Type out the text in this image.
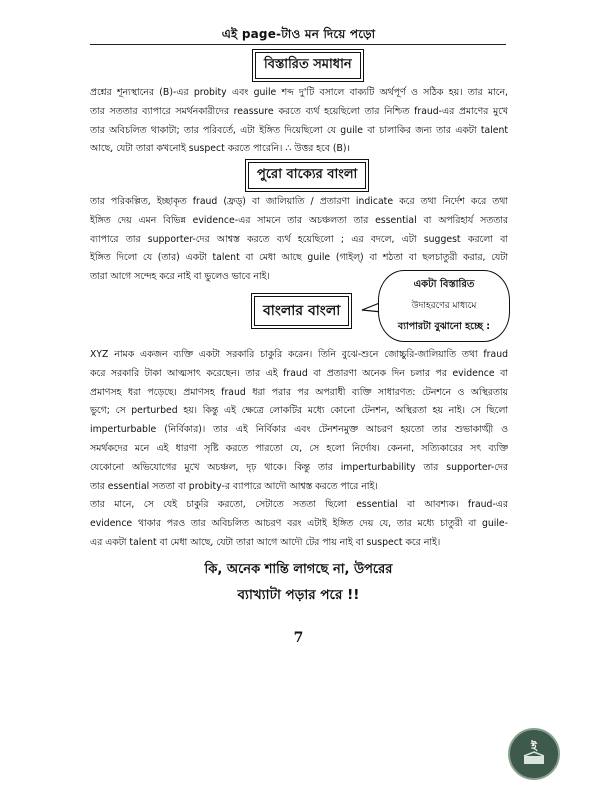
এই page-টাও মন দিয়ে পড়ো
বিস্তারিত সমাধান
প্রশ্নের শূন্যস্থানের (B)-এর probity এবং guile শব্দ দু'টি বসালে বাক্যটি অর্থপূর্ণ ও সঠিক হয়। তার মানে,
তার সততার ব্যাপারে সমর্থনকারীদের reassure করতে ব্যর্থ হয়েছিলো তার নিশ্চিত fraud-এর প্রমাণের মুখে
তার অবিচলিত থাকাটা; তার পরিবর্তে, এটা ইঙ্গিত দিয়েছিলো যে guile বা চালাকির জন্য তার একটা talent
আছে, যেটা তারা কখনোই suspect করতে পারেনি। ∴ উত্তর হবে (B)।
পুরো বাক্যের বাংলা
তার পরিকল্পিত, ইচ্ছাকৃত fraud (ফ্রড্) বা জালিয়াতি / প্রতারণা indicate করে তথা নির্দেশ করে তথা
ইঙ্গিত দেয় এমন বিভিন্ন evidence-এর সামনে তার অচঞ্চলতা তার essential বা অপরিহার্য সততার
ব্যাপারে তার supporter-দের আশ্বস্ত করতে ব্যর্থ হয়েছিলো ; এর বদলে, এটা suggest করলো বা
ইঙ্গিত দিলো যে (তার) একটা talent বা মেধা আছে guile (গাইল্) বা শঠতা বা ছলচাতুরী করার, যেটা
তারা আগে সন্দেহ করে নাই বা ভুলেও ভাবে নাই।
বাংলার বাংলা
একটা বিস্তারিত
উদাহরণের মাধ্যমে
ব্যাপারটা বুঝানো হচ্ছে :
XYZ নামক একজন ব্যক্তি একটা সরকারি চাকুরি করেন। তিনি বুঝে-শুনে জোচ্চুরি-জালিয়াতি তথা fraud
করে সরকারি টাকা আত্মসাৎ করেছেন। তার এই fraud বা প্রতারণা অনেক দিন চলার পর evidence বা
প্রমাণসহ ধরা পড়েছে। প্রমাণসহ fraud ধরা পরার পর অপরাধী ব্যক্তি সাধারণত: টেনশনে ও অস্থিরতায়
ভুগে; সে perturbed হয়। কিন্তু এই ক্ষেত্রে লোকটির মধ্যে কোনো টেনশন, অস্থিরতা হয় নাই। সে ছিলো
imperturbable (নির্বিকার)। তার এই নির্বিকার এবং টেনশনমুক্ত আচরণ হয়তো তার শুভাকাঙ্খী ও
সমর্থকদের মনে এই ধারণা সৃষ্টি করতে পারতো যে, সে হলো নির্দোষ। কেননা, সত্যিকারের সৎ ব্যক্তি
যেকোনো অভিযোগের মুখে অচঞ্চল, দৃঢ় থাকে। কিন্তু তার imperturbability তার supporter-দের
তার essential সততা বা probity-র ব্যাপারে আদৌ আশ্বস্ত করতে পারে নাই।
তার মানে, সে যেই চাকুরি করতো, সেটাতে সততা ছিলো essential বা আবশ্যক। fraud-এর
evidence থাকার পরও তার অবিচলিত আচরণ বরং এটাই ইঙ্গিত দেয় যে, তার মধ্যে চাতুরী বা guile-
এর একটা talent বা মেধা আছে, যেটা তারা আগে আদৌ টের পায় নাই বা suspect করে নাই।
কি, অনেক শান্তি লাগছে না, উপরের
ব্যাখ্যাটা পড়ার পরে !!
7
ই
